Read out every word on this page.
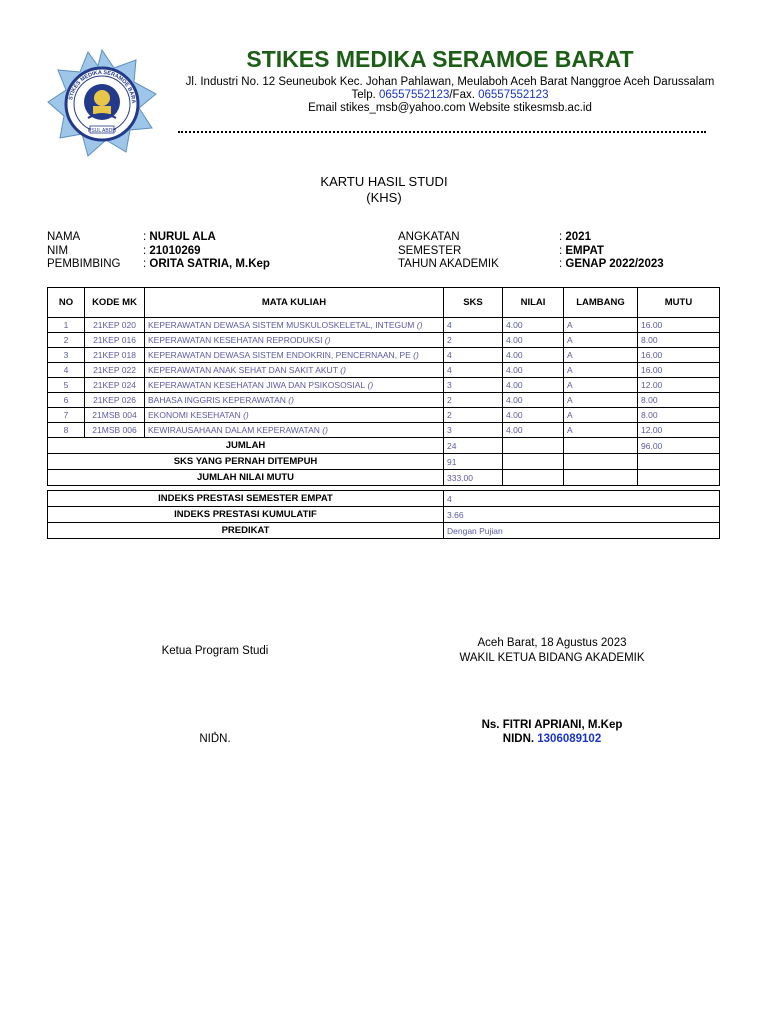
PSUL ABDH
STIKES MEDIKA SERAMOE BARA
STIKES MEDIKA SERAMOE BARAT
Jl. Industri No. 12 Seuneubok Kec. Johan Pahlawan, Meulaboh Aceh Barat Nanggroe Aceh Darussalam
Telp. 06557552123/Fax. 06557552123
Email stikes_msb@yahoo.com Website stikesmsb.ac.id
KARTU HASIL STUDI
(KHS)
NAMA	: NURUL ALA
NIM	: 21010269
PEMBIMBING : ORITA SATRIA, M.Kep
ANGKATAN	: 2021
SEMESTER	: EMPAT
TAHUN AKADEMIK	: GENAP 2022/2023
NO	KODE MK	MATA KULIAH	SKS	NILAI	LAMBANG	MUTU
1	21KEP 020	KEPERAWATAN DEWASA SISTEM MUSKULOSKELETAL, INTEGUM ()	4	4.00	A	16.00
2	21KEP 016	KEPERAWATAN KESEHATAN REPRODUKSI ()	2	4.00	A	8.00
3	21KEP 018	KEPERAWATAN DEWASA SISTEM ENDOKRIN, PENCERNAAN, PE ()	4	4.00	A	16.00
4	21KEP 022	KEPERAWATAN ANAK SEHAT DAN SAKIT AKUT ()	4	4.00	A	16.00
5	21KEP 024	KEPERAWATAN KESEHATAN JIWA DAN PSIKOSOSIAL ()	3	4.00	A	12.00
6	21KEP 026	BAHASA INGGRIS KEPERAWATAN ()	2	4.00	A	8.00
7	21MSB 004	EKONOMI KESEHATAN ()	2	4.00	A	8.00
8	21MSB 006	KEWIRAUSAHAAN DALAM KEPERAWATAN ()	3	4.00	A	12.00
JUMLAH			24			96.00
SKS YANG PERNAH DITEMPUH			91			
JUMLAH NILAI MUTU			333.00			

INDEKS PRESTASI SEMESTER EMPAT			4			
INDEKS PRESTASI KUMULATIF			3.66			
PREDIKAT			Dengan Pujian			
Ketua Program Studi
,
NIDN.
Aceh Barat, 18 Agustus 2023
WAKIL KETUA BIDANG AKADEMIK
Ns. FITRI APRIANI, M.Kep
NIDN. 1306089102
